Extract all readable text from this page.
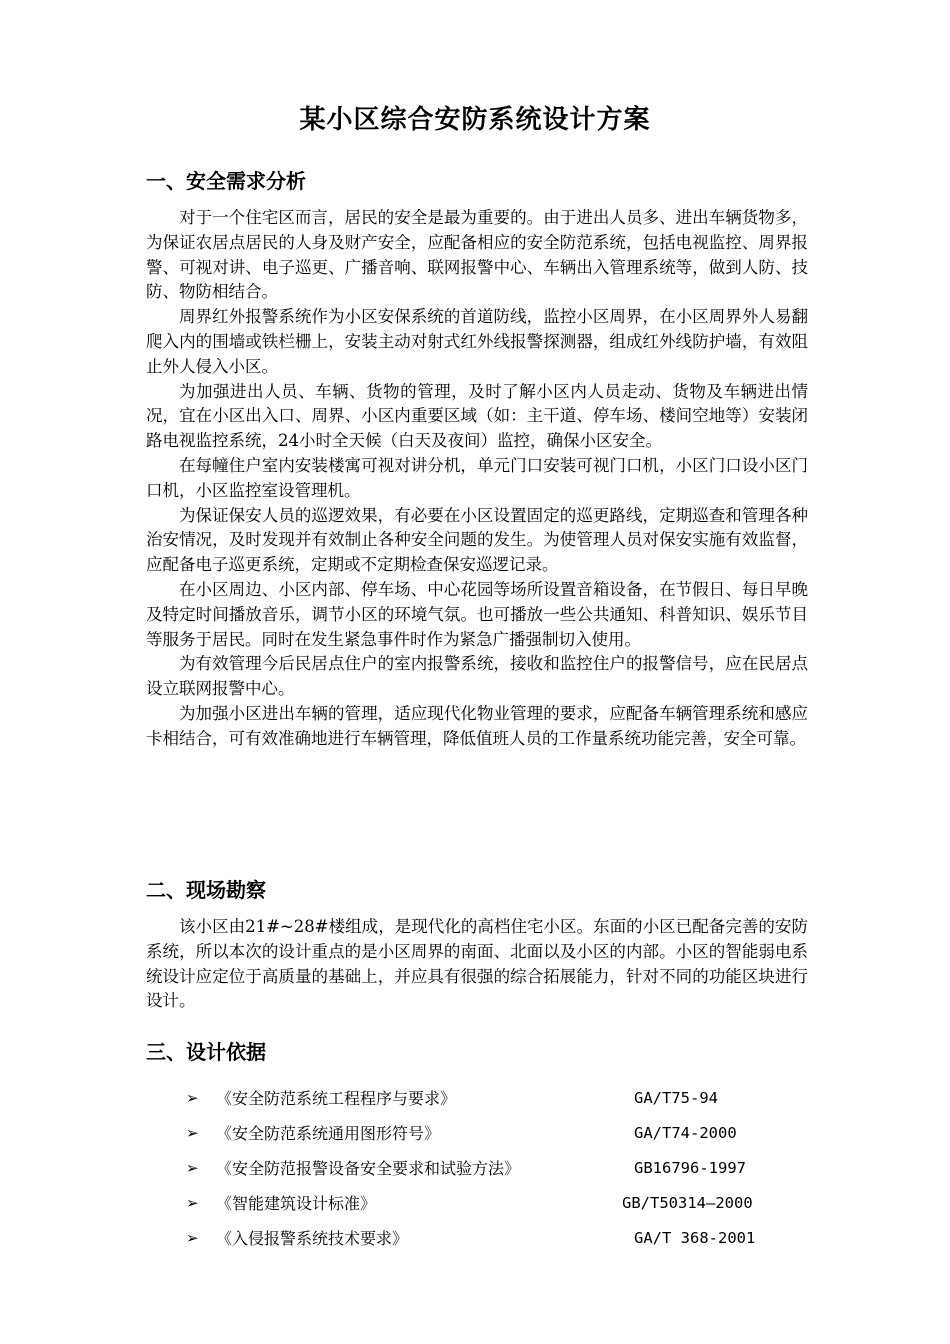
某小区综合安防系统设计方案
一、安全需求分析

对于一个住宅区而言，居民的安全是最为重要的。由于进出人员多、进出车辆货物多，为保证农居点居民的人身及财产安全，应配备相应的安全防范系统，包括电视监控、周界报警、可视对讲、电子巡更、广播音响、联网报警中心、车辆出入管理系统等，做到人防、技防、物防相结合。

周界红外报警系统作为小区安保系统的首道防线，监控小区周界，在小区周界外人易翻爬入内的围墙或铁栏栅上，安装主动对射式红外线报警探测器，组成红外线防护墙，有效阻止外人侵入小区。

为加强进出人员、车辆、货物的管理，及时了解小区内人员走动、货物及车辆进出情况，宜在小区出入口、周界、小区内重要区域（如：主干道、停车场、楼间空地等）安装闭路电视监控系统，24小时全天候（白天及夜间）监控，确保小区安全。

在每幢住户室内安装楼寓可视对讲分机，单元门口安装可视门口机，小区门口设小区门口机，小区监控室设管理机。

为保证保安人员的巡逻效果，有必要在小区设置固定的巡更路线，定期巡查和管理各种治安情况，及时发现并有效制止各种安全问题的发生。为使管理人员对保安实施有效监督，应配备电子巡更系统，定期或不定期检查保安巡逻记录。

在小区周边、小区内部、停车场、中心花园等场所设置音箱设备，在节假日、每日早晚及特定时间播放音乐，调节小区的环境气氛。也可播放一些公共通知、科普知识、娱乐节目等服务于居民。同时在发生紧急事件时作为紧急广播强制切入使用。

为有效管理今后民居点住户的室内报警系统，接收和监控住户的报警信号，应在民居点设立联网报警中心。

为加强小区进出车辆的管理，适应现代化物业管理的要求，应配备车辆管理系统和感应卡相结合，可有效准确地进行车辆管理，降低值班人员的工作量系统功能完善，安全可靠。

二、现场勘察

该小区由21#~28#楼组成，是现代化的高档住宅小区。东面的小区已配备完善的安防系统，所以本次的设计重点的是小区周界的南面、北面以及小区的内部。小区的智能弱电系统设计应定位于高质量的基础上，并应具有很强的综合拓展能力，针对不同的功能区块进行设计。

三、设计依据
➢	《安全防范系统工程程序与要求》	GA/T75-94
➢	《安全防范系统通用图形符号》	GA/T74-2000
➢	《安全防范报警设备安全要求和试验方法》	GB16796-1997
➢	《智能建筑设计标准》	GB/T50314—2000
➢	《入侵报警系统技术要求》	GA/T 368-2001
